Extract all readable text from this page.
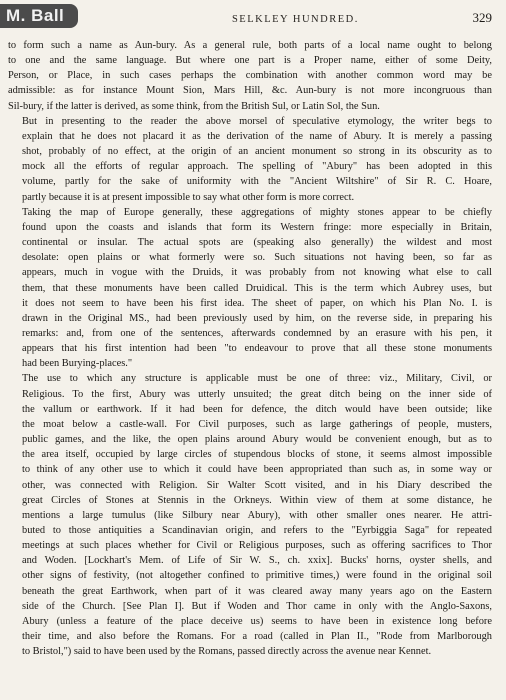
M. Ball	SELKLEY HUNDRED.	329

to form such a name as Aun-bury. As a general rule, both parts of a local name ought to belong
to one and the same language. But where one part is a Proper name, either of some Deity,
Person, or Place, in such cases perhaps the combination with another common word may be
admissible: as for instance Mount Sion, Mars Hill, &c. Aun-bury is not more incongruous than
Sil-bury, if the latter is derived, as some think, from the British Sul, or Latin Sol, the Sun.

But in presenting to the reader the above morsel of speculative etymology, the writer begs to
explain that he does not placard it as the derivation of the name of Abury. It is merely a passing
shot, probably of no effect, at the origin of an ancient monument so strong in its obscurity as to
mock all the efforts of regular approach. The spelling of "Abury" has been adopted in this
volume, partly for the sake of uniformity with the "Ancient Wiltshire" of Sir R. C. Hoare,
partly because it is at present impossible to say what other form is more correct.

Taking the map of Europe generally, these aggregations of mighty stones appear to be chiefly
found upon the coasts and islands that form its Western fringe: more especially in Britain,
continental or insular. The actual spots are (speaking also generally) the wildest and most
desolate: open plains or what formerly were so. Such situations not having been, so far as
appears, much in vogue with the Druids, it was probably from not knowing what else to call
them, that these monuments have been called Druidical. This is the term which Aubrey uses, but
it does not seem to have been his first idea. The sheet of paper, on which his Plan No. I. is
drawn in the Original MS., had been previously used by him, on the reverse side, in preparing his
remarks: and, from one of the sentences, afterwards condemned by an erasure with his pen, it
appears that his first intention had been "to endeavour to prove that all these stone monuments
had been Burying-places."

The use to which any structure is applicable must be one of three: viz., Military, Civil, or
Religious. To the first, Abury was utterly unsuited; the great ditch being on the inner side of
the vallum or earthwork. If it had been for defence, the ditch would have been outside; like
the moat below a castle-wall. For Civil purposes, such as large gatherings of people, musters,
public games, and the like, the open plains around Abury would be convenient enough, but as to
the area itself, occupied by large circles of stupendous blocks of stone, it seems almost impossible
to think of any other use to which it could have been appropriated than such as, in some way or
other, was connected with Religion. Sir Walter Scott visited, and in his Diary described the
great Circles of Stones at Stennis in the Orkneys. Within view of them at some distance, he
mentions a large tumulus (like Silbury near Abury), with other smaller ones nearer. He attri-
buted to those antiquities a Scandinavian origin, and refers to the "Eyrbiggia Saga" for repeated
meetings at such places whether for Civil or Religious purposes, such as offering sacrifices to Thor
and Woden. [Lockhart's Mem. of Life of Sir W. S., ch. xxix]. Bucks' horns, oyster shells, and
other signs of festivity, (not altogether confined to primitive times,) were found in the original soil
beneath the great Earthwork, when part of it was cleared away many years ago on the Eastern
side of the Church. [See Plan I]. But if Woden and Thor came in only with the Anglo-Saxons,
Abury (unless a feature of the place deceive us) seems to have been in existence long before
their time, and also before the Romans. For a road (called in Plan II., "Rode from Marlborough
to Bristol,") said to have been used by the Romans, passed directly across the avenue near Kennet.
